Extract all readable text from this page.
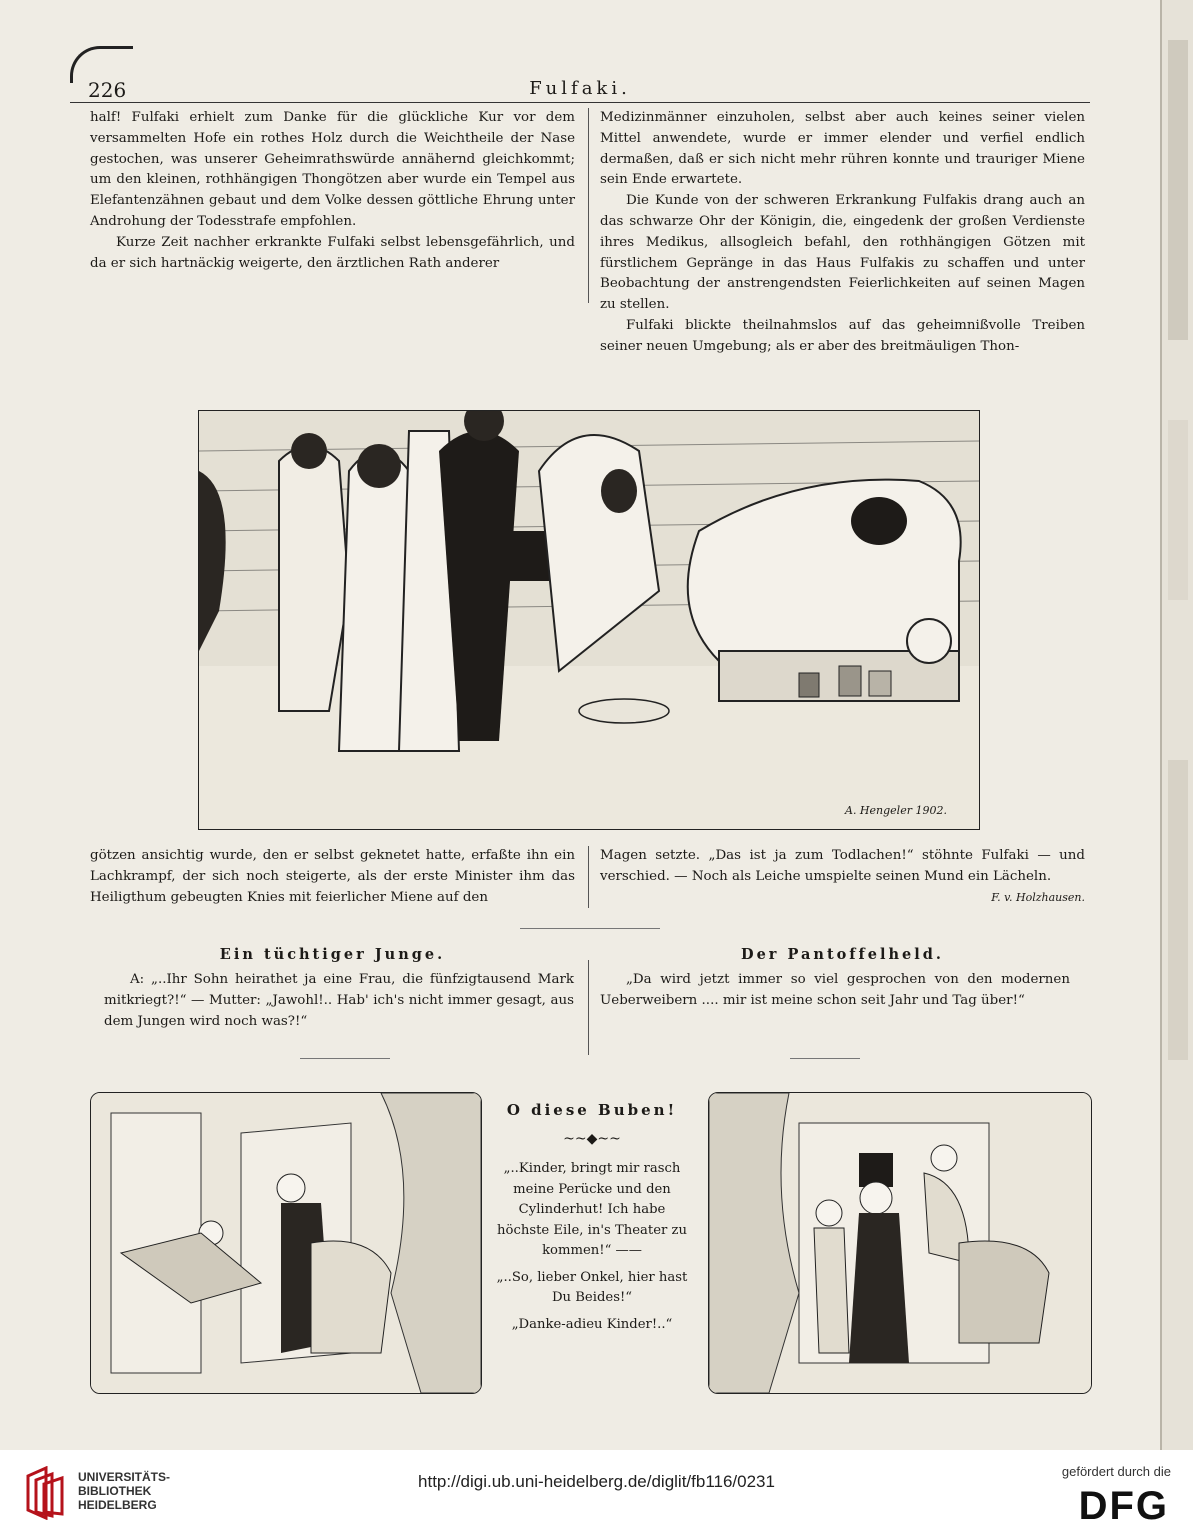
226	Fulfaki.

half! Fulfaki erhielt zum Danke für die glückliche Kur vor dem versammelten Hofe ein rothes Holz durch die Weichtheile der Nase gestochen, was unserer Geheimrathswürde annähernd gleichkommt; um den kleinen, rothhängigen Thongötzen aber wurde ein Tempel aus Elefantenzähnen gebaut und dem Volke dessen göttliche Ehrung unter Androhung der Todesstrafe empfohlen.

Kurze Zeit nachher erkrankte Fulfaki selbst lebensgefährlich, und da er sich hartnäckig weigerte, den ärztlichen Rath anderer

Medizinmänner einzuholen, selbst aber auch keines seiner vielen Mittel anwendete, wurde er immer elender und verfiel endlich dermaßen, daß er sich nicht mehr rühren konnte und trauriger Miene sein Ende erwartete.

Die Kunde von der schweren Erkrankung Fulfakis drang auch an das schwarze Ohr der Königin, die, eingedenk der großen Verdienste ihres Medikus, allsogleich befahl, den rothhängigen Götzen mit fürstlichem Gepränge in das Haus Fulfakis zu schaffen und unter Beobachtung der anstrengendsten Feierlichkeiten auf seinen Magen zu stellen.

Fulfaki blickte theilnahmslos auf das geheimnißvolle Treiben seiner neuen Umgebung; als er aber des breitmäuligen Thon-

A. Hengeler 1902.

götzen ansichtig wurde, den er selbst geknetet hatte, erfaßte ihn ein Lachkrampf, der sich noch steigerte, als der erste Minister ihm das Heiligthum gebeugten Knies mit feierlicher Miene auf den

Magen setzte. „Das ist ja zum Todlachen!“ stöhnte Fulfaki — und verschied. — Noch als Leiche umspielte seinen Mund ein Lächeln.

F. v. Holzhausen.
Ein tüchtiger Junge.

A: „..Ihr Sohn heirathet ja eine Frau, die fünfzigtausend Mark mitkriegt?!“ — Mutter: „Jawohl!.. Hab' ich's nicht immer gesagt, aus dem Jungen wird noch was?!“

Der Pantoffelheld.

„Da wird jetzt immer so viel gesprochen von den modernen Ueberweibern .... mir ist meine schon seit Jahr und Tag über!“

O diese Buben!
~~◆~~

„..Kinder, bringt mir rasch meine Perücke und den Cylinderhut! Ich habe höchste Eile, in's Theater zu kommen!“ ——

„..So, lieber Onkel, hier hast Du Beides!“

„Danke-adieu Kinder!..“

UNIVERSITÄTS-
BIBLIOTHEK
HEIDELBERG
http://digi.ub.uni-heidelberg.de/diglit/fb116/0231
gefördert durch die
DFG
